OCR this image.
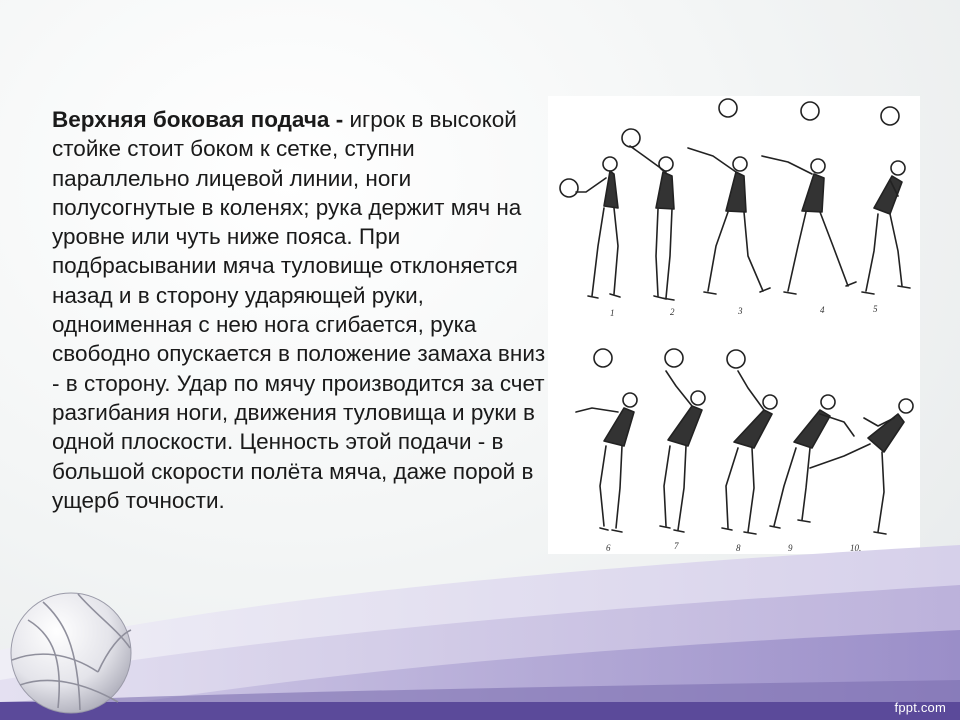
Верхняя боковая подача - игрок в высокой стойке стоит боком к сетке, ступни параллельно лицевой линии, ноги полусогнутые в коленях; рука держит мяч на уровне или чуть ниже пояса. При подбрасывании мяча туловище отклоняется назад и в сторону ударяющей руки, одноименная с нею нога сгибается, рука свободно опускается в положение замаха вниз - в сторону. Удар по мячу производится за счет разгибания ноги, движения туловища и руки в одной плоскости. Ценность этой подачи - в большой скорости полёта мяча, даже порой в ущерб точности.

1	2	3	4	5
6	7	8	9	10.
fppt.com
